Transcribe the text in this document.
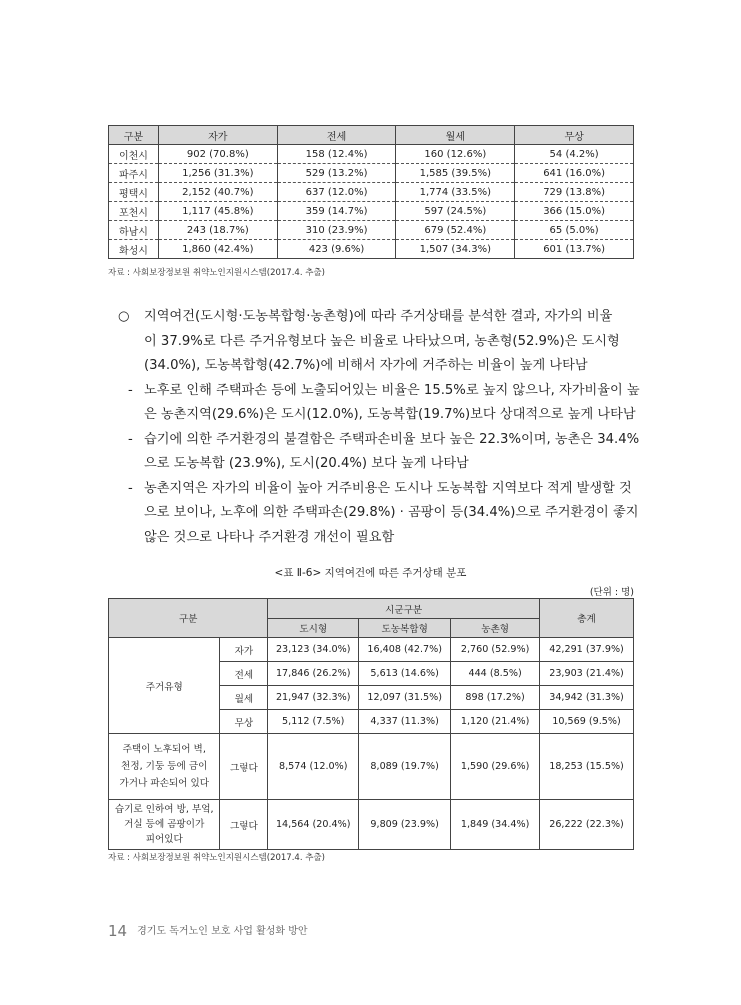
구분	자가	전세	월세	무상
이천시	902 (70.8%)	158 (12.4%)	160 (12.6%)	54 (4.2%)
파주시	1,256 (31.3%)	529 (13.2%)	1,585 (39.5%)	641 (16.0%)
평택시	2,152 (40.7%)	637 (12.0%)	1,774 (33.5%)	729 (13.8%)
포천시	1,117 (45.8%)	359 (14.7%)	597 (24.5%)	366 (15.0%)
하남시	243 (18.7%)	310 (23.9%)	679 (52.4%)	65 (5.0%)
화성시	1,860 (42.4%)	423 (9.6%)	1,507 (34.3%)	601 (13.7%)
자료 : 사회보장정보원 취약노인지원시스템(2017.4. 추출)
○ 지역여건(도시형·도농복합형·농촌형)에 따라 주거상태를 분석한 결과, 자가의 비율
이 37.9%로 다른 주거유형보다 높은 비율로 나타났으며, 농촌형(52.9%)은 도시형
(34.0%), 도농복합형(42.7%)에 비해서 자가에 거주하는 비율이 높게 나타남
- 노후로 인해 주택파손 등에 노출되어있는 비율은 15.5%로 높지 않으나, 자가비율이 높
은 농촌지역(29.6%)은 도시(12.0%), 도농복합(19.7%)보다 상대적으로 높게 나타남
- 습기에 의한 주거환경의 불결함은 주택파손비율 보다 높은 22.3%이며, 농촌은 34.4%
으로 도농복합 (23.9%), 도시(20.4%) 보다 높게 나타남
- 농촌지역은 자가의 비율이 높아 거주비용은 도시나 도농복합 지역보다 적게 발생할 것
으로 보이나, 노후에 의한 주택파손(29.8%) · 곰팡이 등(34.4%)으로 주거환경이 좋지
않은 것으로 나타나 주거환경 개선이 필요함
<표 Ⅱ-6> 지역여건에 따른 주거상태 분포
(단위 : 명)
구분		시군구분			총계
		도시형	도농복합형	농촌형	
주거유형	자가	23,123 (34.0%)	16,408 (42.7%)	2,760 (52.9%)	42,291 (37.9%)
	전세	17,846 (26.2%)	5,613 (14.6%)	444 (8.5%)	23,903 (21.4%)
	월세	21,947 (32.3%)	12,097 (31.5%)	898 (17.2%)	34,942 (31.3%)
	무상	5,112 (7.5%)	4,337 (11.3%)	1,120 (21.4%)	10,569 (9.5%)

주택이 노후되어 벽,
천정, 기둥 등에 금이
가거나 파손되어 있다	그렇다	8,574 (12.0%)	8,089 (19.7%)	1,590 (29.6%)	18,253 (15.5%)

습기로 인하여 방, 부엌,
거실 등에 곰팡이가
피어있다	그렇다	14,564 (20.4%)	9,809 (23.9%)	1,849 (34.4%)	26,222 (22.3%)
자료 : 사회보장정보원 취약노인지원시스템(2017.4. 추출)
14 경기도 독거노인 보호 사업 활성화 방안
